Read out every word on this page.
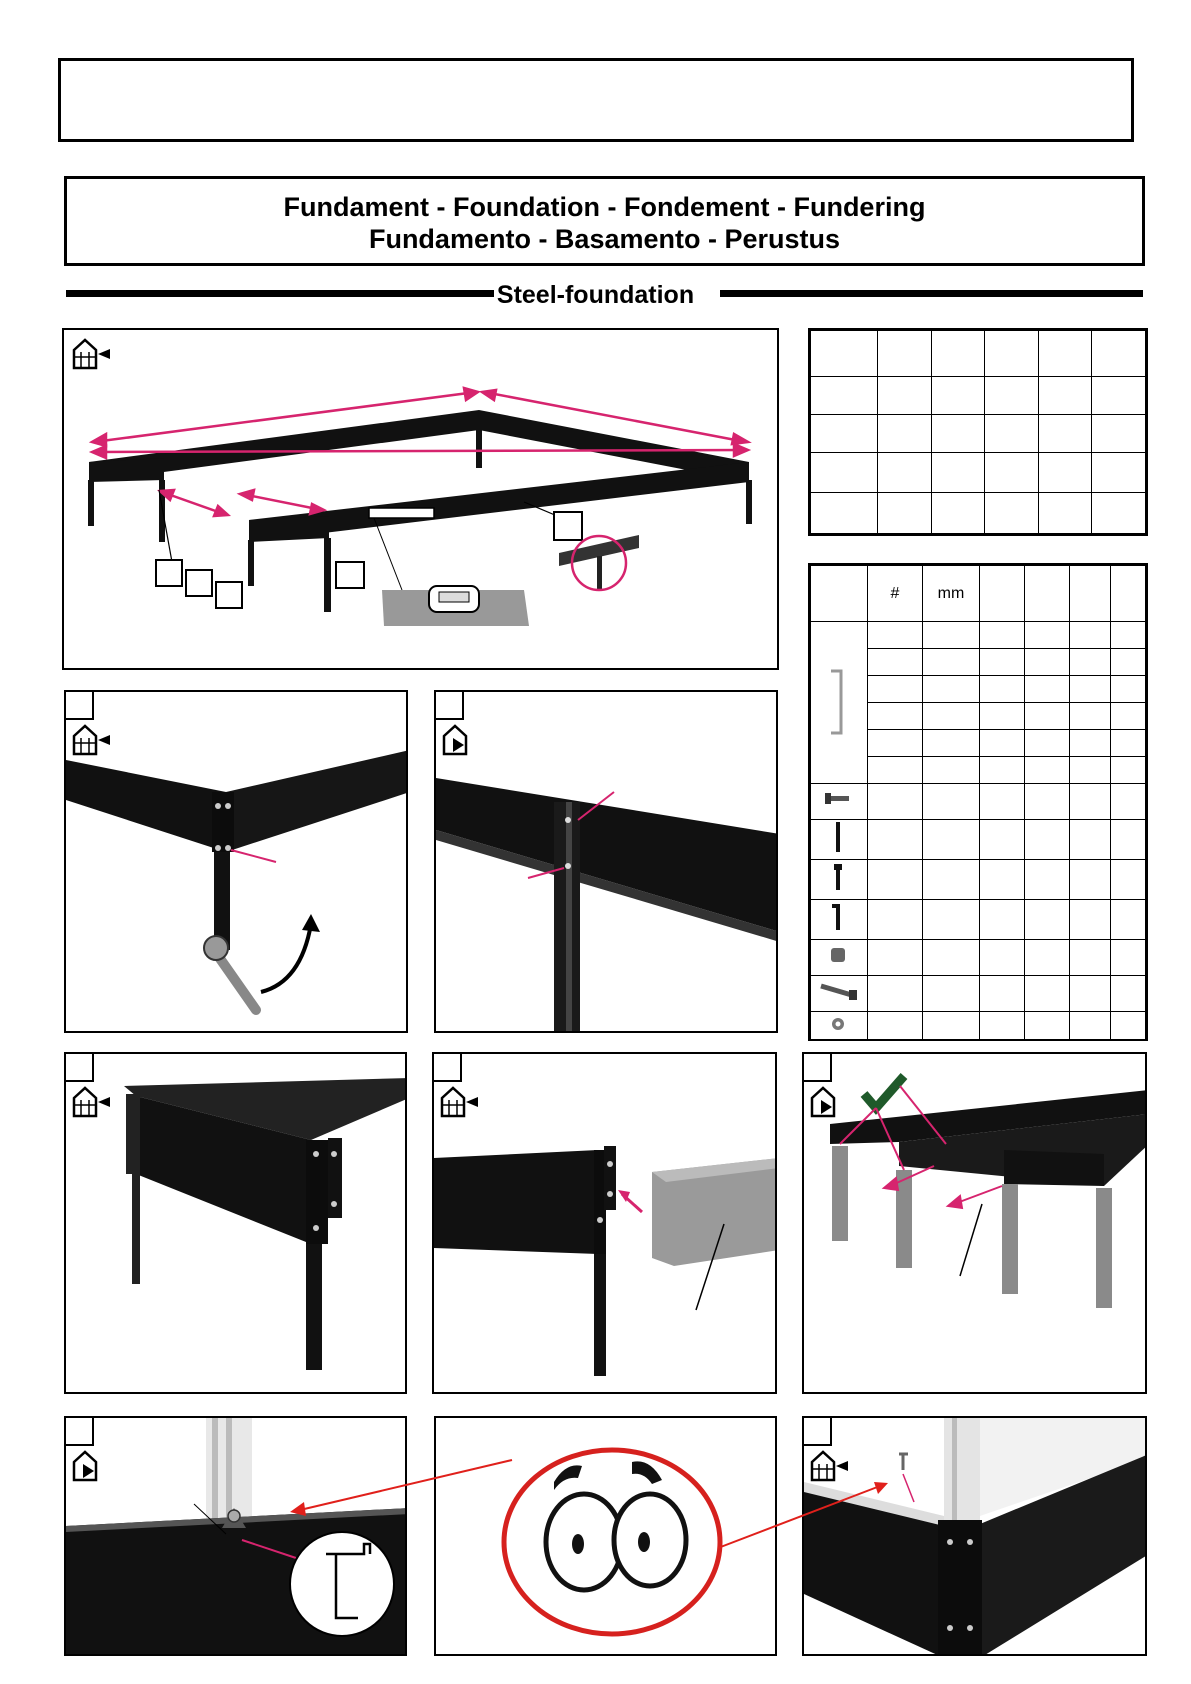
Fundament - Foundation - Fondement - Fundering
Fundamento - Basamento - Perustus
Steel-foundation

	#	mm				
